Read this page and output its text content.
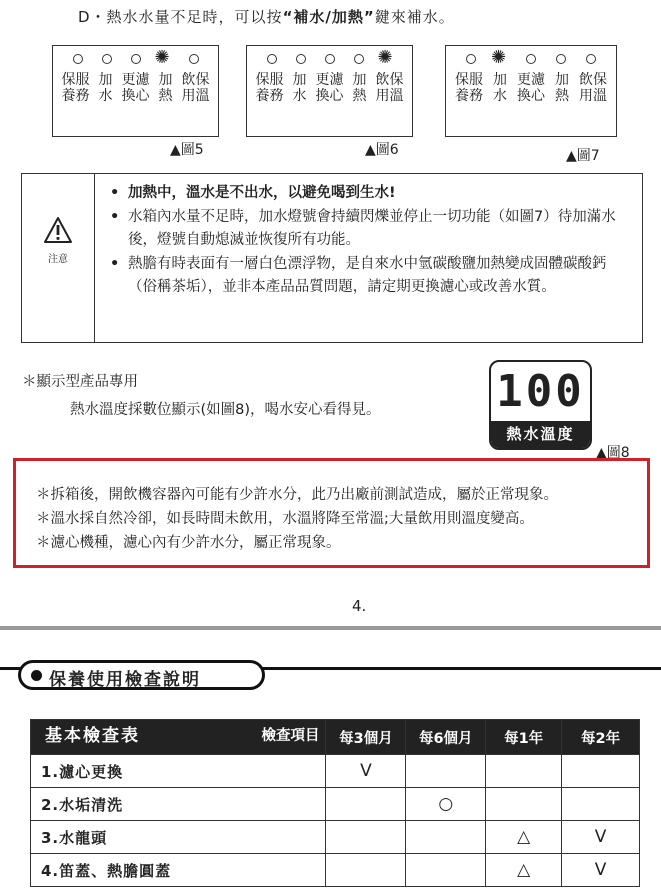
D・熱水水量不足時，可以按“補水/加熱”鍵來補水。
✺
保服
養務
加
水
更濾
換心
加
熱
飲保
用溫
✺
保服
養務
加
水
更濾
換心
加
熱
飲保
用溫
✺
保服
養務
加
水
更濾
換心
加
熱
飲保
用溫
▲圖5	▲圖6	▲圖7
注意
• 加熱中，溫水是不出水，以避免喝到生水!
• 水箱內水量不足時，加水燈號會持續閃爍並停止一切功能（如圖7）待加滿水後，燈號自動熄滅並恢復所有功能。
• 熱膽有時表面有一層白色漂浮物，是自來水中氫碳酸鹽加熱變成固體碳酸鈣（俗稱茶垢），並非本產品品質問題，請定期更換濾心或改善水質。
＊顯示型產品專用
熱水溫度採數位顯示(如圖8)，喝水安心看得見。	100
熱水溫度
▲圖8
＊拆箱後，開飲機容器內可能有少許水分，此乃出廠前測試造成，屬於正常現象。
＊溫水採自然冷卻，如長時間未飲用，水溫將降至常溫;大量飲用則溫度變高。
＊濾心機種，濾心內有少許水分，屬正常現象。
4.
保養使用檢查說明
基本檢查表 檢查項目	每3個月	每6個月	每1年	每2年
1.濾心更換	V			
2.水垢清洗		○		
3.水龍頭			△	V
4.笛蓋、熱膽圓蓋			△	V
